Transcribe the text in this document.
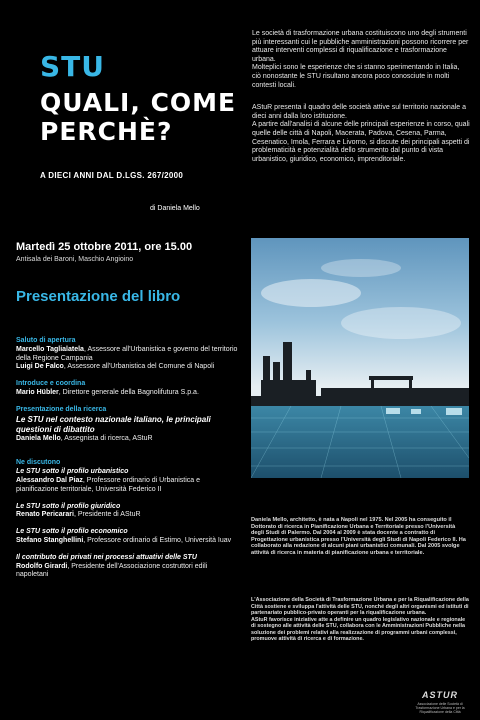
STU
QUALI, COME
PERCHÈ?
A DIECI ANNI DAL D.LGS. 267/2000
di Daniela Mello

Le società di trasformazione urbana costituiscono uno degli strumenti più interessanti cui le pubbliche amministrazioni possono ricorrere per attuare interventi complessi di riqualificazione e trasformazione urbana.

Molteplici sono le esperienze che si stanno sperimentando in Italia, ciò nonostante le STU risultano ancora poco conosciute in molti contesti locali.

AStuR presenta il quadro delle società attive sul territorio nazionale a dieci anni dalla loro istituzione.

A partire dall'analisi di alcune delle principali esperienze in corso, quali quelle delle città di Napoli, Macerata, Padova, Cesena, Parma, Cesenatico, Imola, Ferrara e Livorno, si discute dei principali aspetti di problematicità e potenzialità dello strumento dal punto di vista urbanistico, giuridico, economico, imprenditoriale.

Martedì 25 ottobre 2011, ore 15.00
Antisala dei Baroni, Maschio Angioino
Presentazione del libro
Saluto di apertura
Marcello Taglialatela, Assessore all'Urbanistica e governo del territorio della Regione Campania
Luigi De Falco, Assessore all'Urbanistica del Comune di Napoli
Introduce e coordina
Mario Hübler, Direttore generale della Bagnolifutura S.p.a.
Presentazione della ricerca
Le STU nel contesto nazionale italiano, le principali questioni di dibattito
Daniela Mello, Assegnista di ricerca, AStuR
Ne discutono
Le STU sotto il profilo urbanistico
Alessandro Dal Piaz, Professore ordinario di Urbanistica e pianificazione territoriale, Università Federico II
Le STU sotto il profilo giuridico
Renato Pericarari, Presidente di AStuR
Le STU sotto il profilo economico
Stefano Stanghellini, Professore ordinario di Estimo, Università Iuav
Il contributo dei privati nei processi attuativi delle STU
Rodolfo Girardi, Presidente dell'Associazione costruttori edili napoletani
Daniela Mello, architetto, è nata a Napoli nel 1975. Nel 2005 ha conseguito il Dottorato di ricerca in Pianificazione Urbana e Territoriale presso l'Università degli Studi di Palermo. Dal 2004 al 2009 è stata docente a contratto di Progettazione urbanistica presso l'Università degli Studi di Napoli Federico II. Ha collaborato alla redazione di alcuni piani urbanistici comunali. Dal 2005 svolge attività di ricerca in materia di pianificazione urbana e territoriale.
L'Associazione della Società di Trasformazione Urbana e per la Riqualificazione della Città sostiene e sviluppa l'attività delle STU, nonché degli altri organismi ed istituti di partenariato pubblico-privato operanti per la riqualificazione urbana.
AStuR favorisce iniziative atte a definire un quadro legislativo nazionale e regionale di sostegno alle attività delle STU, collabora con le Amministrazioni Pubbliche nella soluzione dei problemi relativi alla realizzazione di programmi urbani complessi, promuove attività di ricerca e di formazione.
ASTUR
Associazione delle Società di Trasformazione Urbana e per la Riqualificazione della Città
